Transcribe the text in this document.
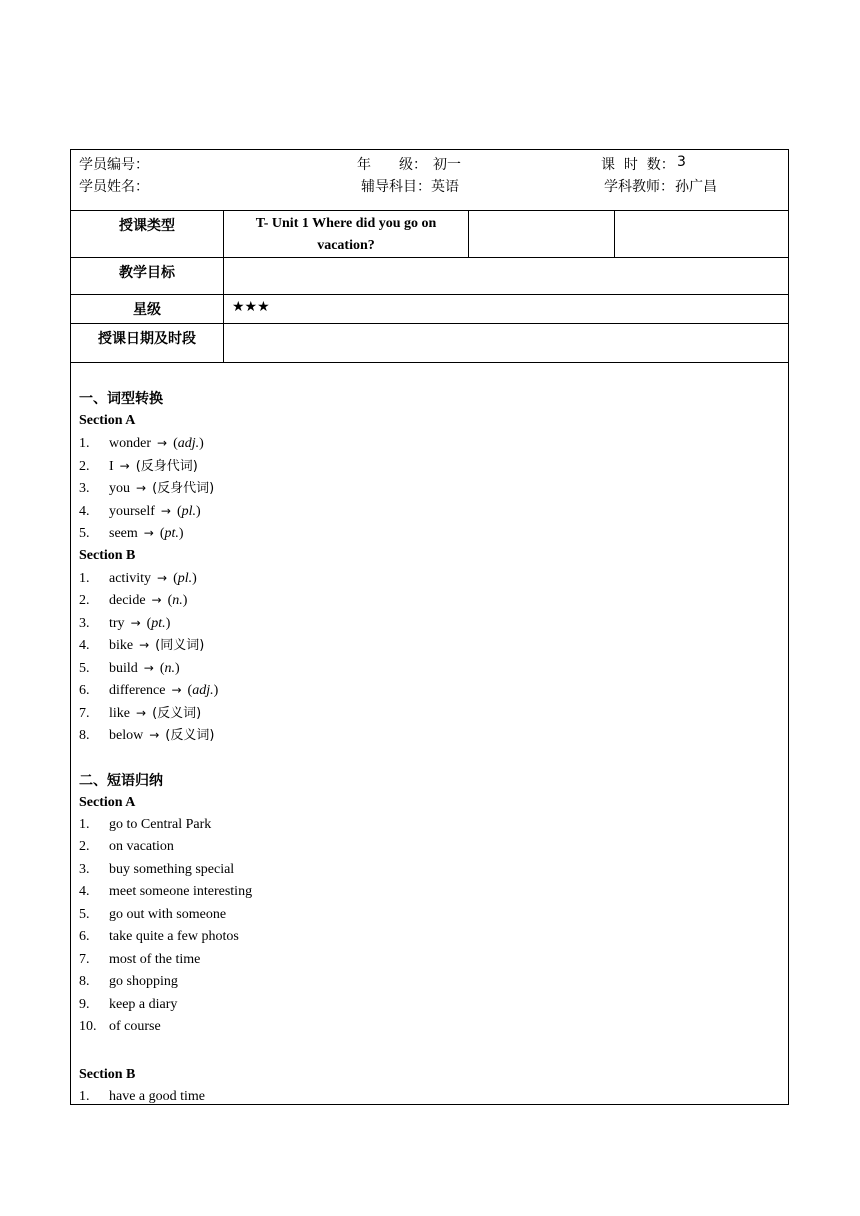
学员编号：	年　　级： 初一	课  时  数： 3
学员姓名：	辅导科目： 英语	学科教师： 孙广昌
授课类型	T- Unit 1 Where did you go on
vacation?		

教学目标			
星级	★★★		
授课日期及时段			
一、词型转换
Section A
1. wonder → (adj.)
2. I → (反身代词)
3. you → (反身代词)
4. yourself → (pl.)
5. seem → (pt.)
Section B
1. activity → (pl.)
2. decide → (n.)
3. try → (pt.)
4. bike → (同义词)
5. build → (n.)
6. difference → (adj.)
7. like → (反义词)
8. below → (反义词)
二、短语归纳
Section A
1. go to Central Park
2. on vacation
3. buy something special
4. meet someone interesting
5. go out with someone
6. take quite a few photos
7. most of the time
8. go shopping
9. keep a diary
10. of course
Section B
1. have a good time
